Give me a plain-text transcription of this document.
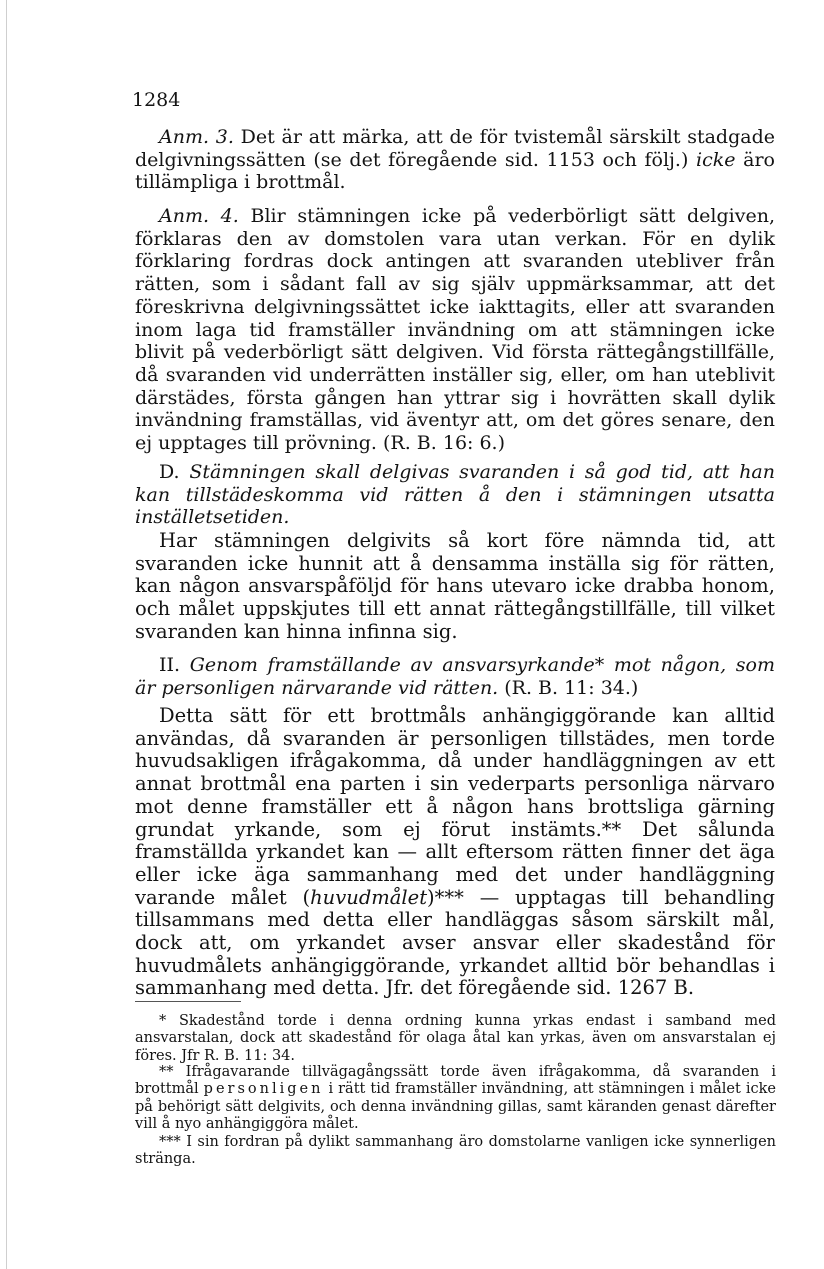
1284
Anm. 3. Det är att märka, att de för tvistemål särskilt stadgade delgivningssätten (se det föregående sid. 1153 och följ.) icke äro tillämpliga i brottmål.
Anm. 4. Blir stämningen icke på vederbörligt sätt delgiven, förklaras den av domstolen vara utan verkan. För en dylik förklaring fordras dock antingen att svaranden utebliver från rätten, som i sådant fall av sig själv uppmärksammar, att det föreskrivna delgivningssättet icke iakttagits, eller att svaranden inom laga tid framställer invändning om att stämningen icke blivit på vederbörligt sätt delgiven. Vid första rättegångstillfälle, då svaranden vid underrätten inställer sig, eller, om han uteblivit därstädes, första gången han yttrar sig i hovrätten skall dylik invändning framställas, vid äventyr att, om det göres senare, den ej upptages till prövning. (R. B. 16: 6.)
D. Stämningen skall delgivas svaranden i så god tid, att han kan tillstädeskomma vid rätten å den i stämningen utsatta inställetsetiden.
Har stämningen delgivits så kort före nämnda tid, att svaranden icke hunnit att å densamma inställa sig för rätten, kan någon ansvarspåföljd för hans utevaro icke drabba honom, och målet uppskjutes till ett annat rättegångstillfälle, till vilket svaranden kan hinna infinna sig.
II. Genom framställande av ansvarsyrkande* mot någon, som är personligen närvarande vid rätten. (R. B. 11: 34.)
Detta sätt för ett brottmåls anhängiggörande kan alltid användas, då svaranden är personligen tillstädes, men torde huvudsakligen ifrågakomma, då under handläggningen av ett annat brottmål ena parten i sin vederparts personliga närvaro mot denne framställer ett å någon hans brottsliga gärning grundat yrkande, som ej förut instämts.** Det sålunda framställda yrkandet kan — allt eftersom rätten finner det äga eller icke äga sammanhang med det under handläggning varande målet (huvudmålet)*** — upptagas till behandling tillsammans med detta eller handläggas såsom särskilt mål, dock att, om yrkandet avser ansvar eller skadestånd för huvudmålets anhängiggörande, yrkandet alltid bör behandlas i sammanhang med detta. Jfr. det föregående sid. 1267 B.
* Skadestånd torde i denna ordning kunna yrkas endast i samband med ansvarstalan, dock att skadestånd för olaga åtal kan yrkas, även om ansvarstalan ej föres. Jfr R. B. 11: 34.
** Ifrågavarande tillvägagångssätt torde även ifrågakomma, då svaranden i brottmål personligen i rätt tid framställer invändning, att stämningen i målet icke på behörigt sätt delgivits, och denna invändning gillas, samt käranden genast därefter vill å nyo anhängiggöra målet.
*** I sin fordran på dylikt sammanhang äro domstolarne vanligen icke synnerligen stränga.
